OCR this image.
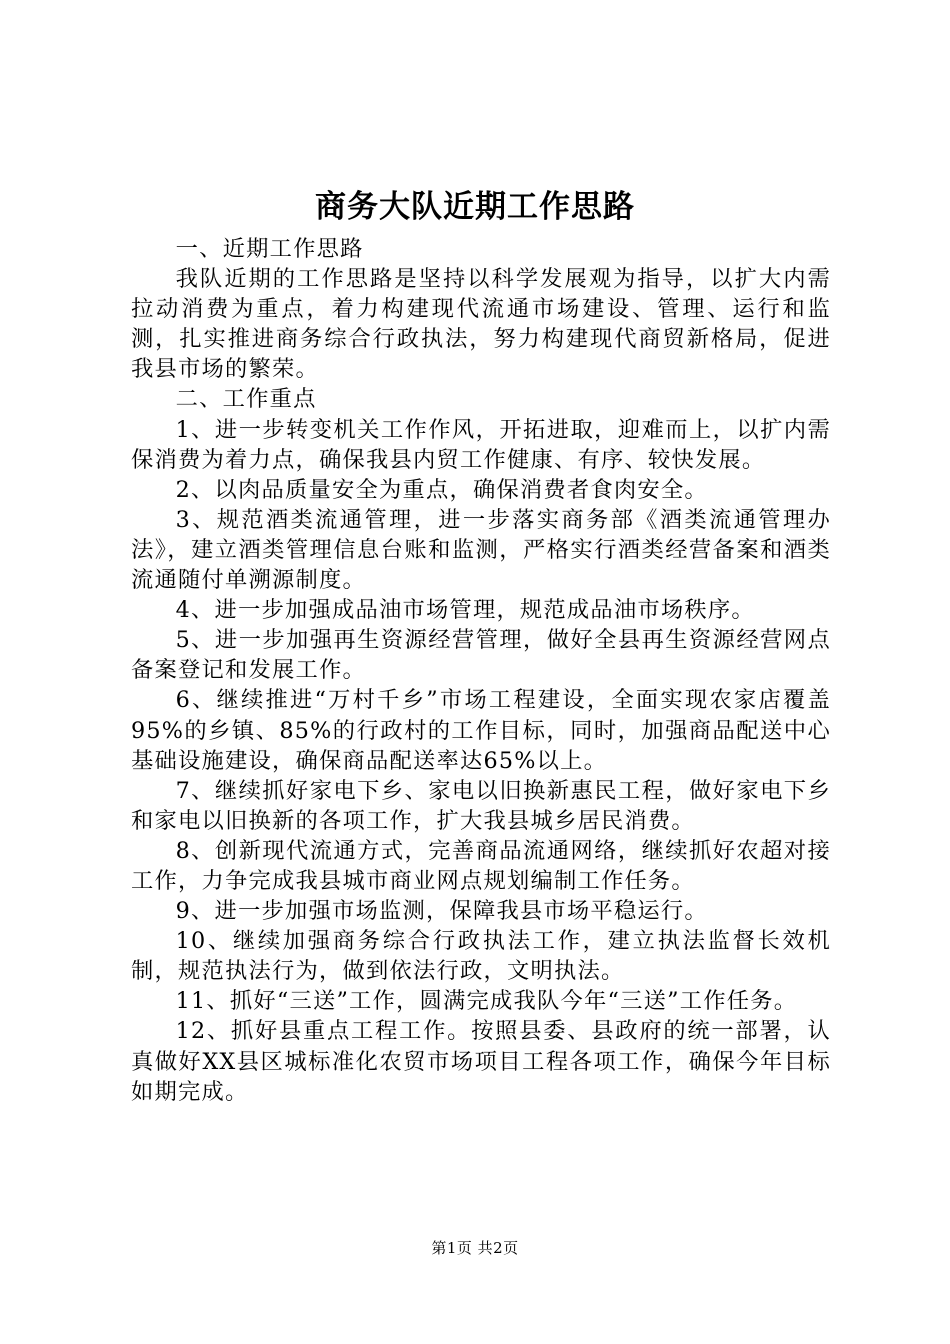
商务大队近期工作思路

一、近期工作思路

我队近期的工作思路是坚持以科学发展观为指导，以扩大内需拉动消费为重点，着力构建现代流通市场建设、管理、运行和监测，扎实推进商务综合行政执法，努力构建现代商贸新格局，促进我县市场的繁荣。

二、工作重点

1、进一步转变机关工作作风，开拓进取，迎难而上，以扩内需保消费为着力点，确保我县内贸工作健康、有序、较快发展。

2、以肉品质量安全为重点，确保消费者食肉安全。

3、规范酒类流通管理，进一步落实商务部《酒类流通管理办法》，建立酒类管理信息台账和监测，严格实行酒类经营备案和酒类流通随付单溯源制度。

4、进一步加强成品油市场管理，规范成品油市场秩序。

5、进一步加强再生资源经营管理，做好全县再生资源经营网点备案登记和发展工作。

6、继续推进“万村千乡”市场工程建设，全面实现农家店覆盖95%的乡镇、85%的行政村的工作目标，同时，加强商品配送中心基础设施建设，确保商品配送率达65%以上。

7、继续抓好家电下乡、家电以旧换新惠民工程，做好家电下乡和家电以旧换新的各项工作，扩大我县城乡居民消费。

8、创新现代流通方式，完善商品流通网络，继续抓好农超对接工作，力争完成我县城市商业网点规划编制工作任务。

9、进一步加强市场监测，保障我县市场平稳运行。

10、继续加强商务综合行政执法工作，建立执法监督长效机制，规范执法行为，做到依法行政，文明执法。

11、抓好“三送”工作，圆满完成我队今年“三送”工作任务。

12、抓好县重点工程工作。按照县委、县政府的统一部署，认真做好XX县区城标准化农贸市场项目工程各项工作，确保今年目标如期完成。

第1页 共2页
